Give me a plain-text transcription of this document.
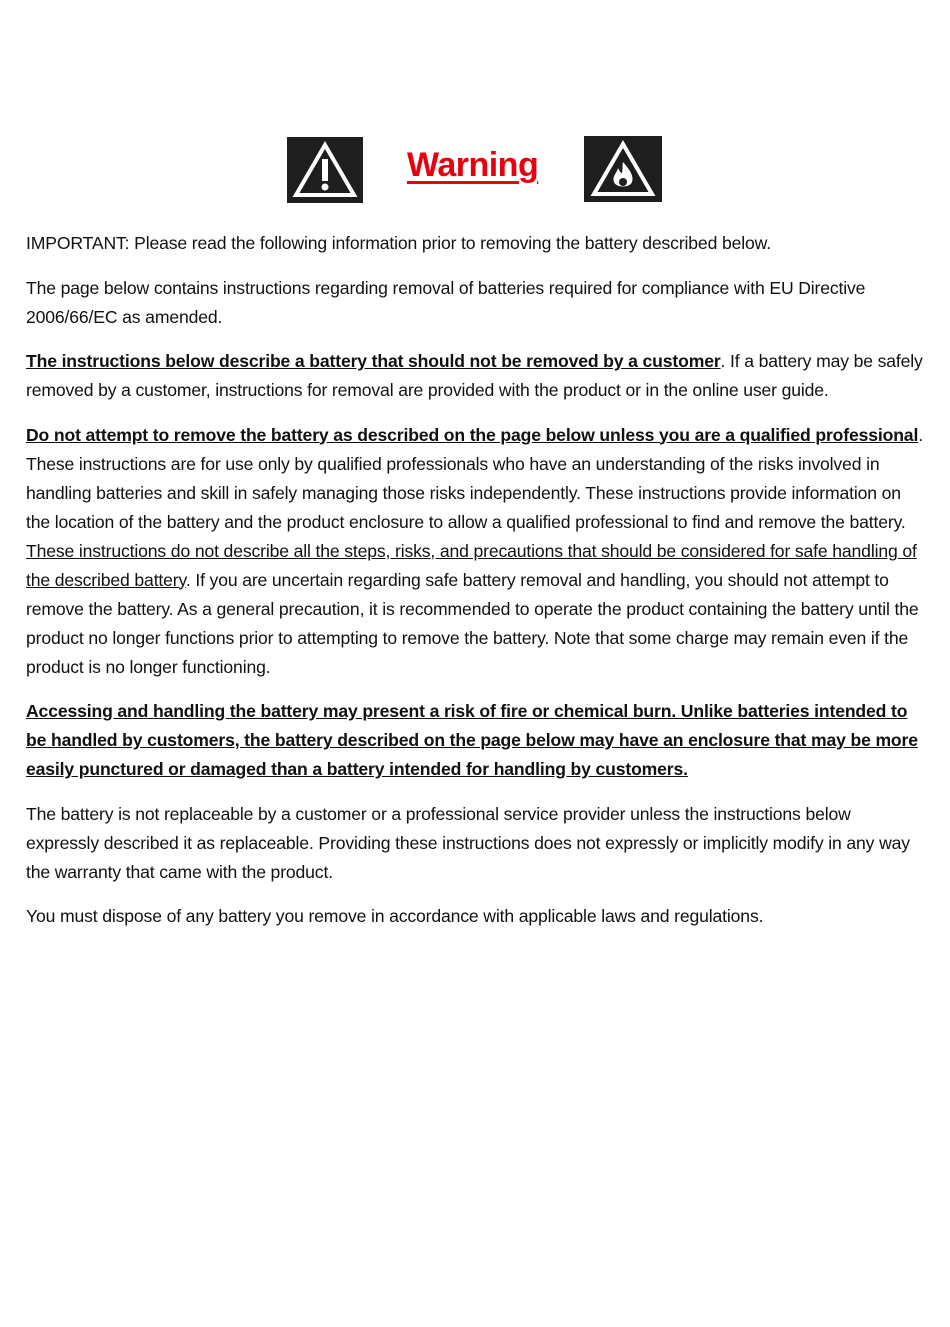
Warning

IMPORTANT: Please read the following information prior to removing the battery described below.

The page below contains instructions regarding removal of batteries required for compliance with EU Directive 2006/66/EC as amended.

The instructions below describe a battery that should not be removed by a customer. If a battery may be safely removed by a customer, instructions for removal are provided with the product or in the online user guide.

Do not attempt to remove the battery as described on the page below unless you are a qualified professional. These instructions are for use only by qualified professionals who have an understanding of the risks involved in handling batteries and skill in safely managing those risks independently. These instructions provide information on the location of the battery and the product enclosure to allow a qualified professional to find and remove the battery. These instructions do not describe all the steps, risks, and precautions that should be considered for safe handling of the described battery. If you are uncertain regarding safe battery removal and handling, you should not attempt to remove the battery. As a general precaution, it is recommended to operate the product containing the battery until the product no longer functions prior to attempting to remove the battery. Note that some charge may remain even if the product is no longer functioning.

Accessing and handling the battery may present a risk of fire or chemical burn. Unlike batteries intended to be handled by customers, the battery described on the page below may have an enclosure that may be more easily punctured or damaged than a battery intended for handling by customers.

The battery is not replaceable by a customer or a professional service provider unless the instructions below expressly described it as replaceable. Providing these instructions does not expressly or implicitly modify in any way the warranty that came with the product.

You must dispose of any battery you remove in accordance with applicable laws and regulations.
